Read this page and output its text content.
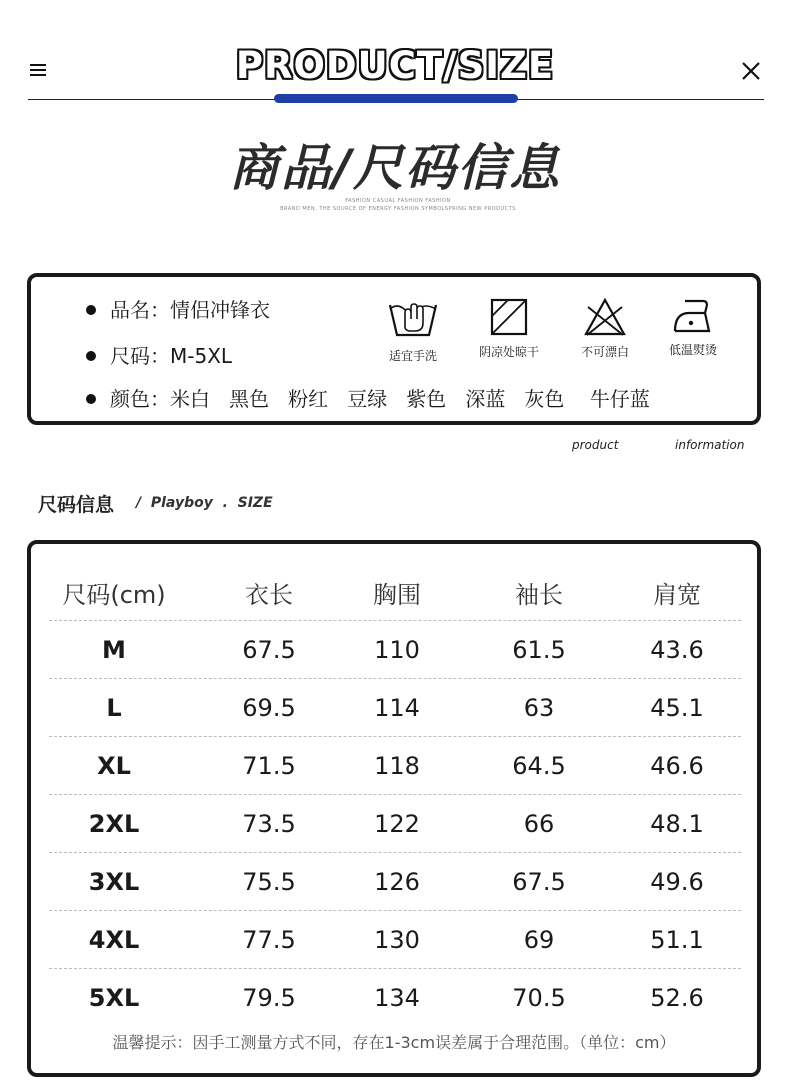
PRODUCT/SIZE
商品/尺码信息
FASHION CASUAL FASHION FASHION
BRAND MEN, THE SOURCE OF ENERGY FASHION SYMBOLSPRING NEW PRODUCTS
品名：情侣冲锋衣
尺码：M-5XL
颜色：米白   黑色   粉红   豆绿   紫色   深蓝   灰色    牛仔蓝
适宜手洗	阴凉处晾干	不可漂白	低温熨烫
product	information
尺码信息 /  Playboy  .  SIZE
尺码(cm)	衣长	胸围	袖长	肩宽
M	67.5	110	61.5	43.6
L	69.5	114	63	45.1
XL	71.5	118	64.5	46.6
2XL	73.5	122	66	48.1
3XL	75.5	126	67.5	49.6
4XL	77.5	130	69	51.1
5XL	79.5	134	70.5	52.6
温馨提示：因手工测量方式不同，存在1-3cm误差属于合理范围。（单位：cm）
